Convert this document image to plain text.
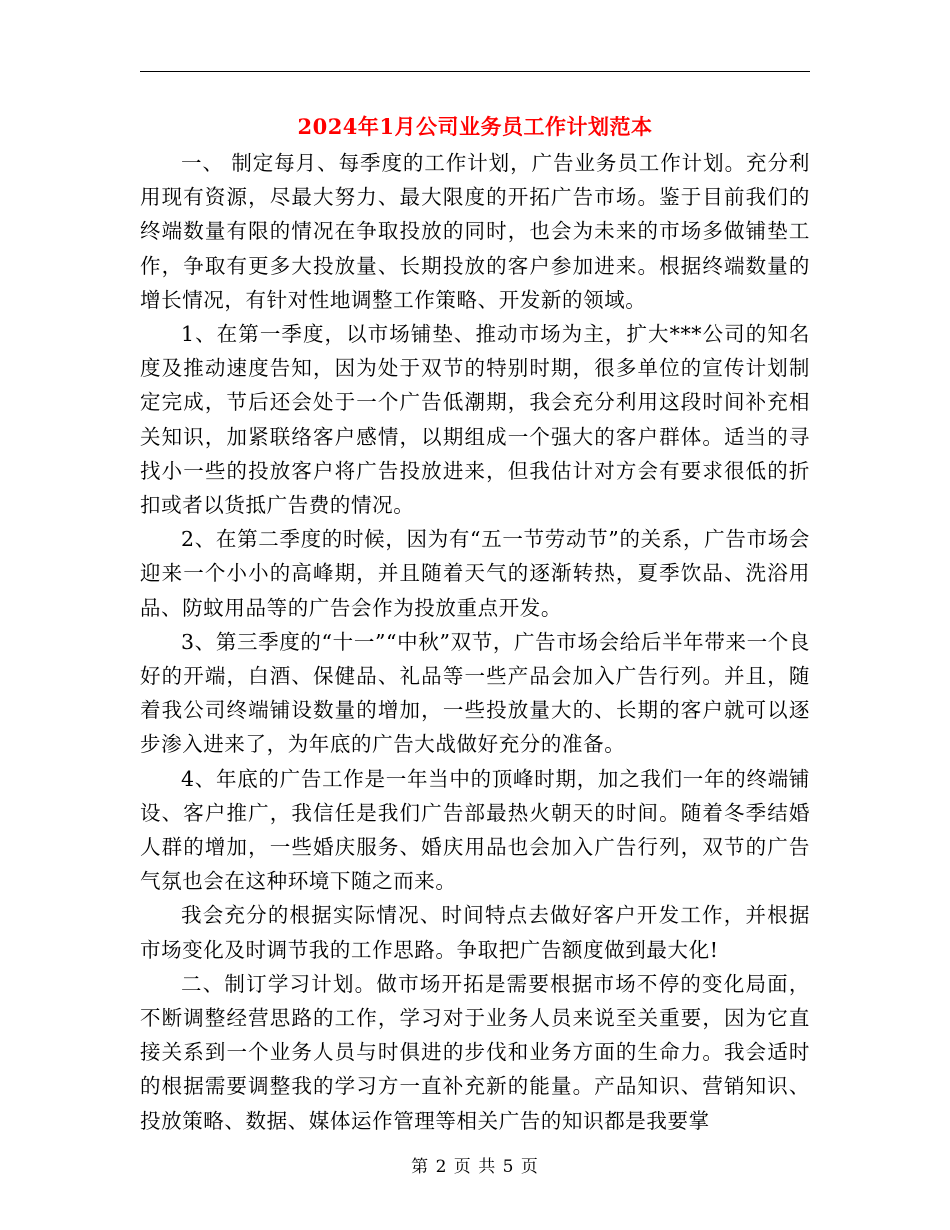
2024年1月公司业务员工作计划范本

一、 制定每月、每季度的工作计划，广告业务员工作计划。充分利用现有资源，尽最大努力、最大限度的开拓广告市场。鉴于目前我们的终端数量有限的情况在争取投放的同时，也会为未来的市场多做铺垫工作，争取有更多大投放量、长期投放的客户参加进来。根据终端数量的增长情况，有针对性地调整工作策略、开发新的领域。

1、在第一季度，以市场铺垫、推动市场为主，扩大***公司的知名度及推动速度告知，因为处于双节的特别时期，很多单位的宣传计划制定完成，节后还会处于一个广告低潮期，我会充分利用这段时间补充相关知识，加紧联络客户感情，以期组成一个强大的客户群体。适当的寻找小一些的投放客户将广告投放进来，但我估计对方会有要求很低的折扣或者以货抵广告费的情况。

2、在第二季度的时候，因为有“五一节劳动节”的关系，广告市场会迎来一个小小的高峰期，并且随着天气的逐渐转热，夏季饮品、洗浴用品、防蚊用品等的广告会作为投放重点开发。

3、第三季度的“十一”“中秋”双节，广告市场会给后半年带来一个良好的开端，白酒、保健品、礼品等一些产品会加入广告行列。并且，随着我公司终端铺设数量的增加，一些投放量大的、长期的客户就可以逐步渗入进来了，为年底的广告大战做好充分的准备。

4、年底的广告工作是一年当中的顶峰时期，加之我们一年的终端铺设、客户推广，我信任是我们广告部最热火朝天的时间。随着冬季结婚人群的增加，一些婚庆服务、婚庆用品也会加入广告行列，双节的广告气氛也会在这种环境下随之而来。

我会充分的根据实际情况、时间特点去做好客户开发工作，并根据市场变化及时调节我的工作思路。争取把广告额度做到最大化!

二、制订学习计划。做市场开拓是需要根据市场不停的变化局面，不断调整经营思路的工作，学习对于业务人员来说至关重要，因为它直接关系到一个业务人员与时俱进的步伐和业务方面的生命力。我会适时的根据需要调整我的学习方一直补充新的能量。产品知识、营销知识、投放策略、数据、媒体运作管理等相关广告的知识都是我要掌

第 2 页 共 5 页
